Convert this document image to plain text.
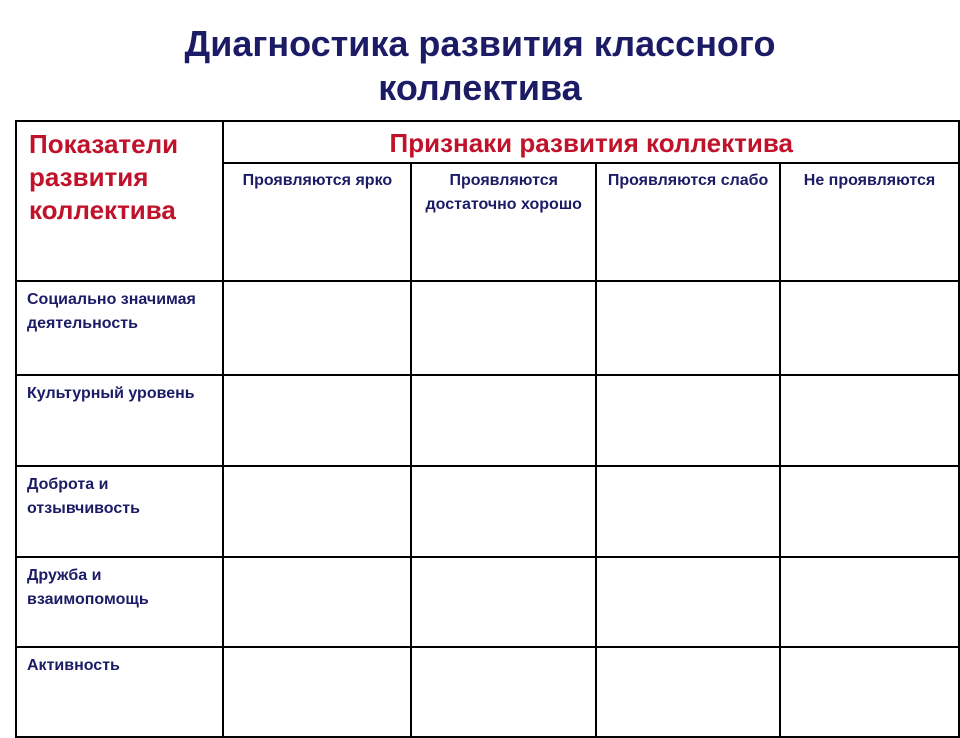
Диагностика развития классного
коллектива
Показатели развития коллектива	Признаки развития коллектива			

	Проявляются ярко	Проявляются достаточно хорошо	Проявляются слабо	Не проявляются

Социально значимая деятельность				

Культурный уровень				

Доброта и отзывчивость				

Дружба и взаимопомощь				

Активность				
